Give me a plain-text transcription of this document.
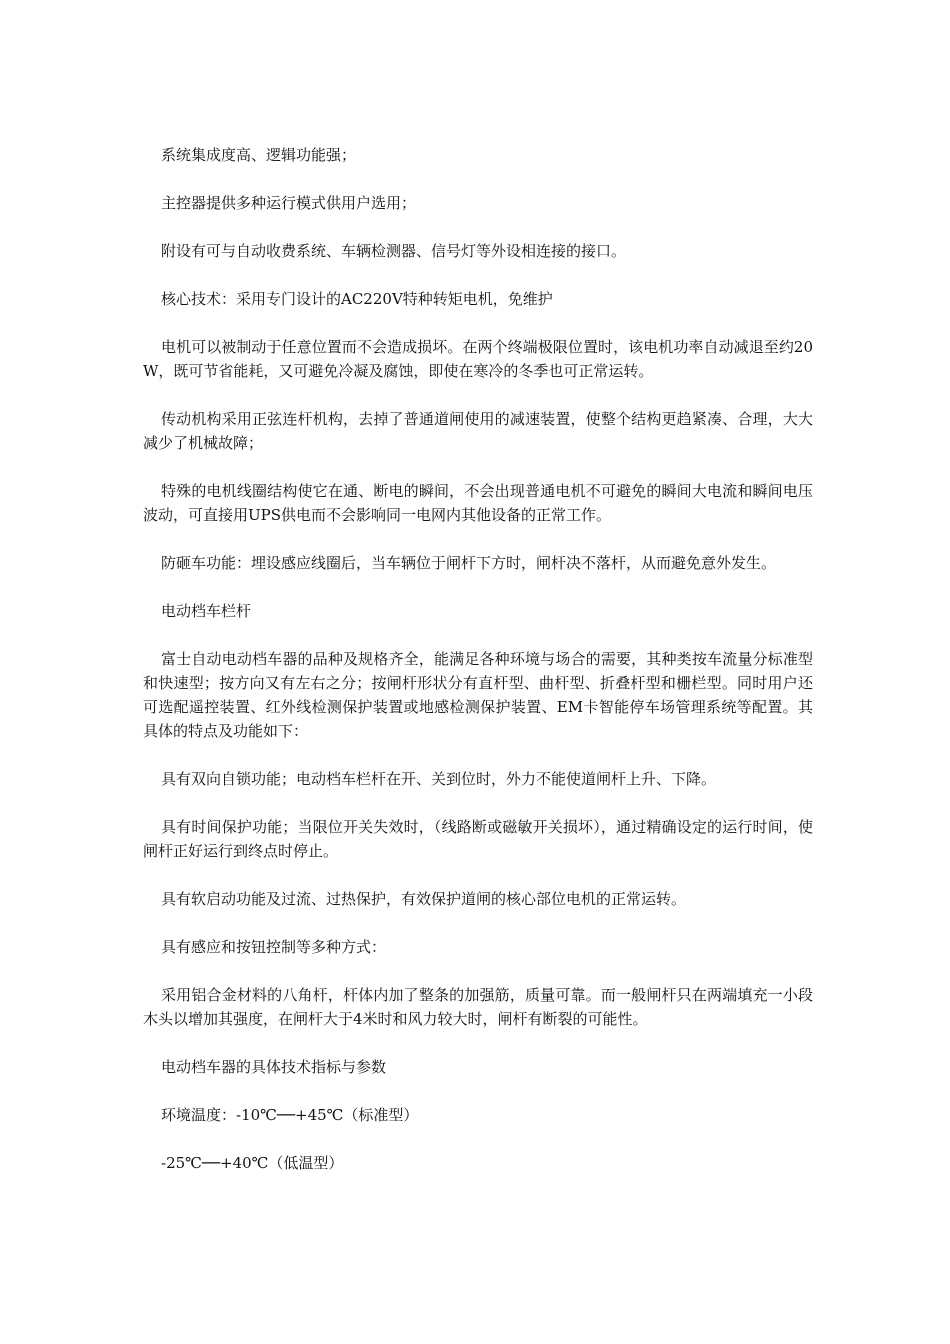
系统集成度高、逻辑功能强；

主控器提供多种运行模式供用户选用；

附设有可与自动收费系统、车辆检测器、信号灯等外设相连接的接口。

核心技术：采用专门设计的AC220V特种转矩电机，免维护

电机可以被制动于任意位置而不会造成损坏。在两个终端极限位置时，该电机功率自动减退至约20W，既可节省能耗，又可避免冷凝及腐蚀，即使在寒冷的冬季也可正常运转。

传动机构采用正弦连杆机构，去掉了普通道闸使用的减速装置，使整个结构更趋紧凑、合理，大大减少了机械故障；

特殊的电机线圈结构使它在通、断电的瞬间，不会出现普通电机不可避免的瞬间大电流和瞬间电压波动，可直接用UPS供电而不会影响同一电网内其他设备的正常工作。

防砸车功能：埋设感应线圈后，当车辆位于闸杆下方时，闸杆决不落杆，从而避免意外发生。

电动档车栏杆

富士自动电动档车器的品种及规格齐全，能满足各种环境与场合的需要，其种类按车流量分标准型和快速型；按方向又有左右之分；按闸杆形状分有直杆型、曲杆型、折叠杆型和栅栏型。同时用户还可选配遥控装置、红外线检测保护装置或地感检测保护装置、EM卡智能停车场管理系统等配置。其具体的特点及功能如下：

具有双向自锁功能；电动档车栏杆在开、关到位时，外力不能使道闸杆上升、下降。

具有时间保护功能；当限位开关失效时，（线路断或磁敏开关损坏），通过精确设定的运行时间，使闸杆正好运行到终点时停止。

具有软启动功能及过流、过热保护，有效保护道闸的核心部位电机的正常运转。

具有感应和按钮控制等多种方式：

采用铝合金材料的八角杆，杆体内加了整条的加强筋，质量可靠。而一般闸杆只在两端填充一小段木头以增加其强度，在闸杆大于4米时和风力较大时，闸杆有断裂的可能性。

电动档车器的具体技术指标与参数

环境温度：-10℃──+45℃（标准型）

-25℃──+40℃（低温型）
